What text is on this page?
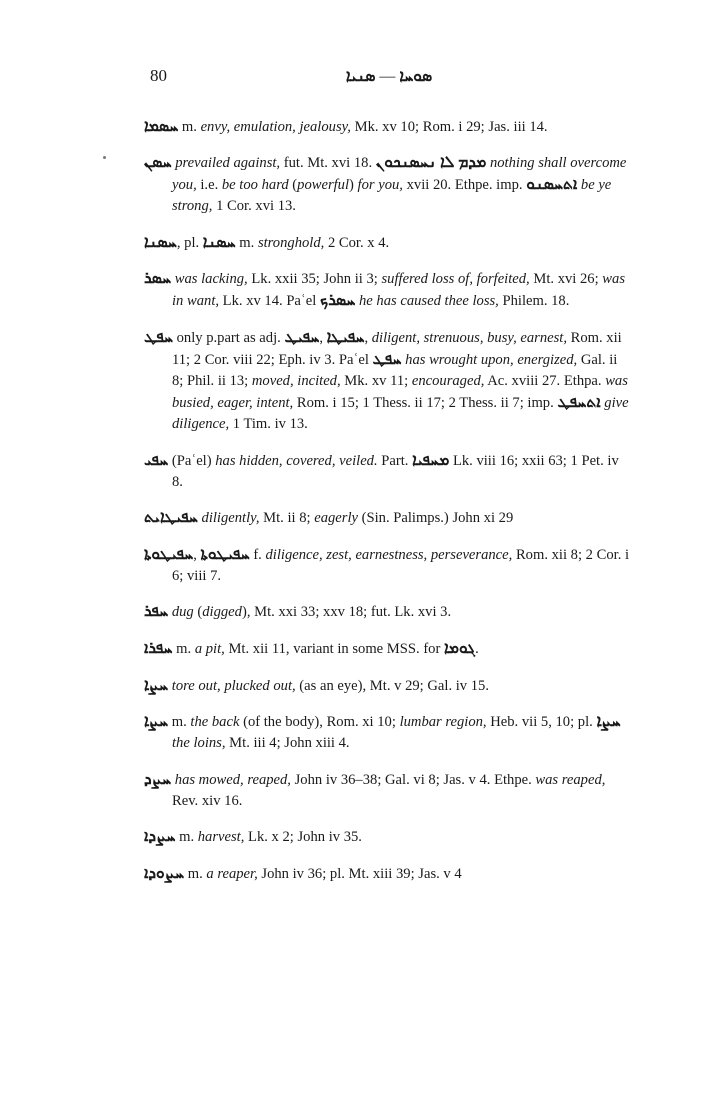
80	ܣܘܚܐ—ܣܢܝܐ

ܚܣܡܐ m. envy, emulation, jealousy, Mk. xv 10; Rom. i 29; Jas. iii 14.

ܚܣܢ prevailed against, fut. Mt. xvi 18. ܡܕܡ ܠܐ ܢܚܣܢܟܘܢ nothing shall overcome you, i.e. be too hard (powerful) for you, xvii 20. Ethpe. imp. ܐܬܚܣܢܘ be ye strong, 1 Cor. xvi 13.

ܚܣܢܐ, pl. ܚܣܢܐ m. stronghold, 2 Cor. x 4.

ܚܣܪ was lacking, Lk. xxii 35; John ii 3; suffered loss of, forfeited, Mt. xvi 26; was in want, Lk. xv 14. Paʿel ܚܣܪܟ he has caused thee loss, Philem. 18.

ܚܦܛ only p.part as adj. ܚܦܝܛ, ܚܦܝܛܐ, diligent, strenuous, busy, earnest, Rom. xii 11; 2 Cor. viii 22; Eph. iv 3. Paʿel ܚܦܛ has wrought upon, energized, Gal. ii 8; Phil. ii 13; moved, incited, Mk. xv 11; encouraged, Ac. xviii 27. Ethpa. was busied, eager, intent, Rom. i 15; 1 Thess. ii 17; 2 Thess. ii 7; imp. ܐܬܚܦܛ give diligence, 1 Tim. iv 13.

ܚܦܝ (Paʿel) has hidden, covered, veiled. Part. ܡܚܦܝܐ Lk. viii 16; xxii 63; 1 Pet. iv 8.

ܚܦܝܛܐܝܬ diligently, Mt. ii 8; eagerly (Sin. Palimps.) John xi 29

ܚܦܝܛܘܬܐ, ܚܦܝܛܘܬܐ f. diligence, zest, earnestness, perseverance, Rom. xii 8; 2 Cor. i 6; viii 7.

ܚܦܪ dug (digged), Mt. xxi 33; xxv 18; fut. Lk. xvi 3.

ܚܦܪܐ m. a pit, Mt. xii 11, variant in some MSS. for ܓܘܡܐ.

ܚܨܐ tore out, plucked out, (as an eye), Mt. v 29; Gal. iv 15.

ܚܨܐ m. the back (of the body), Rom. xi 10; lumbar region, Heb. vii 5, 10; pl. ܚܨܐ the loins, Mt. iii 4; John xiii 4.

ܚܨܕ has mowed, reaped, John iv 36–38; Gal. vi 8; Jas. v 4. Ethpe. was reaped, Rev. xiv 16.

ܚܨܕܐ m. harvest, Lk. x 2; John iv 35.

ܚܨܘܕܐ m. a reaper, John iv 36; pl. Mt. xiii 39; Jas. v 4
